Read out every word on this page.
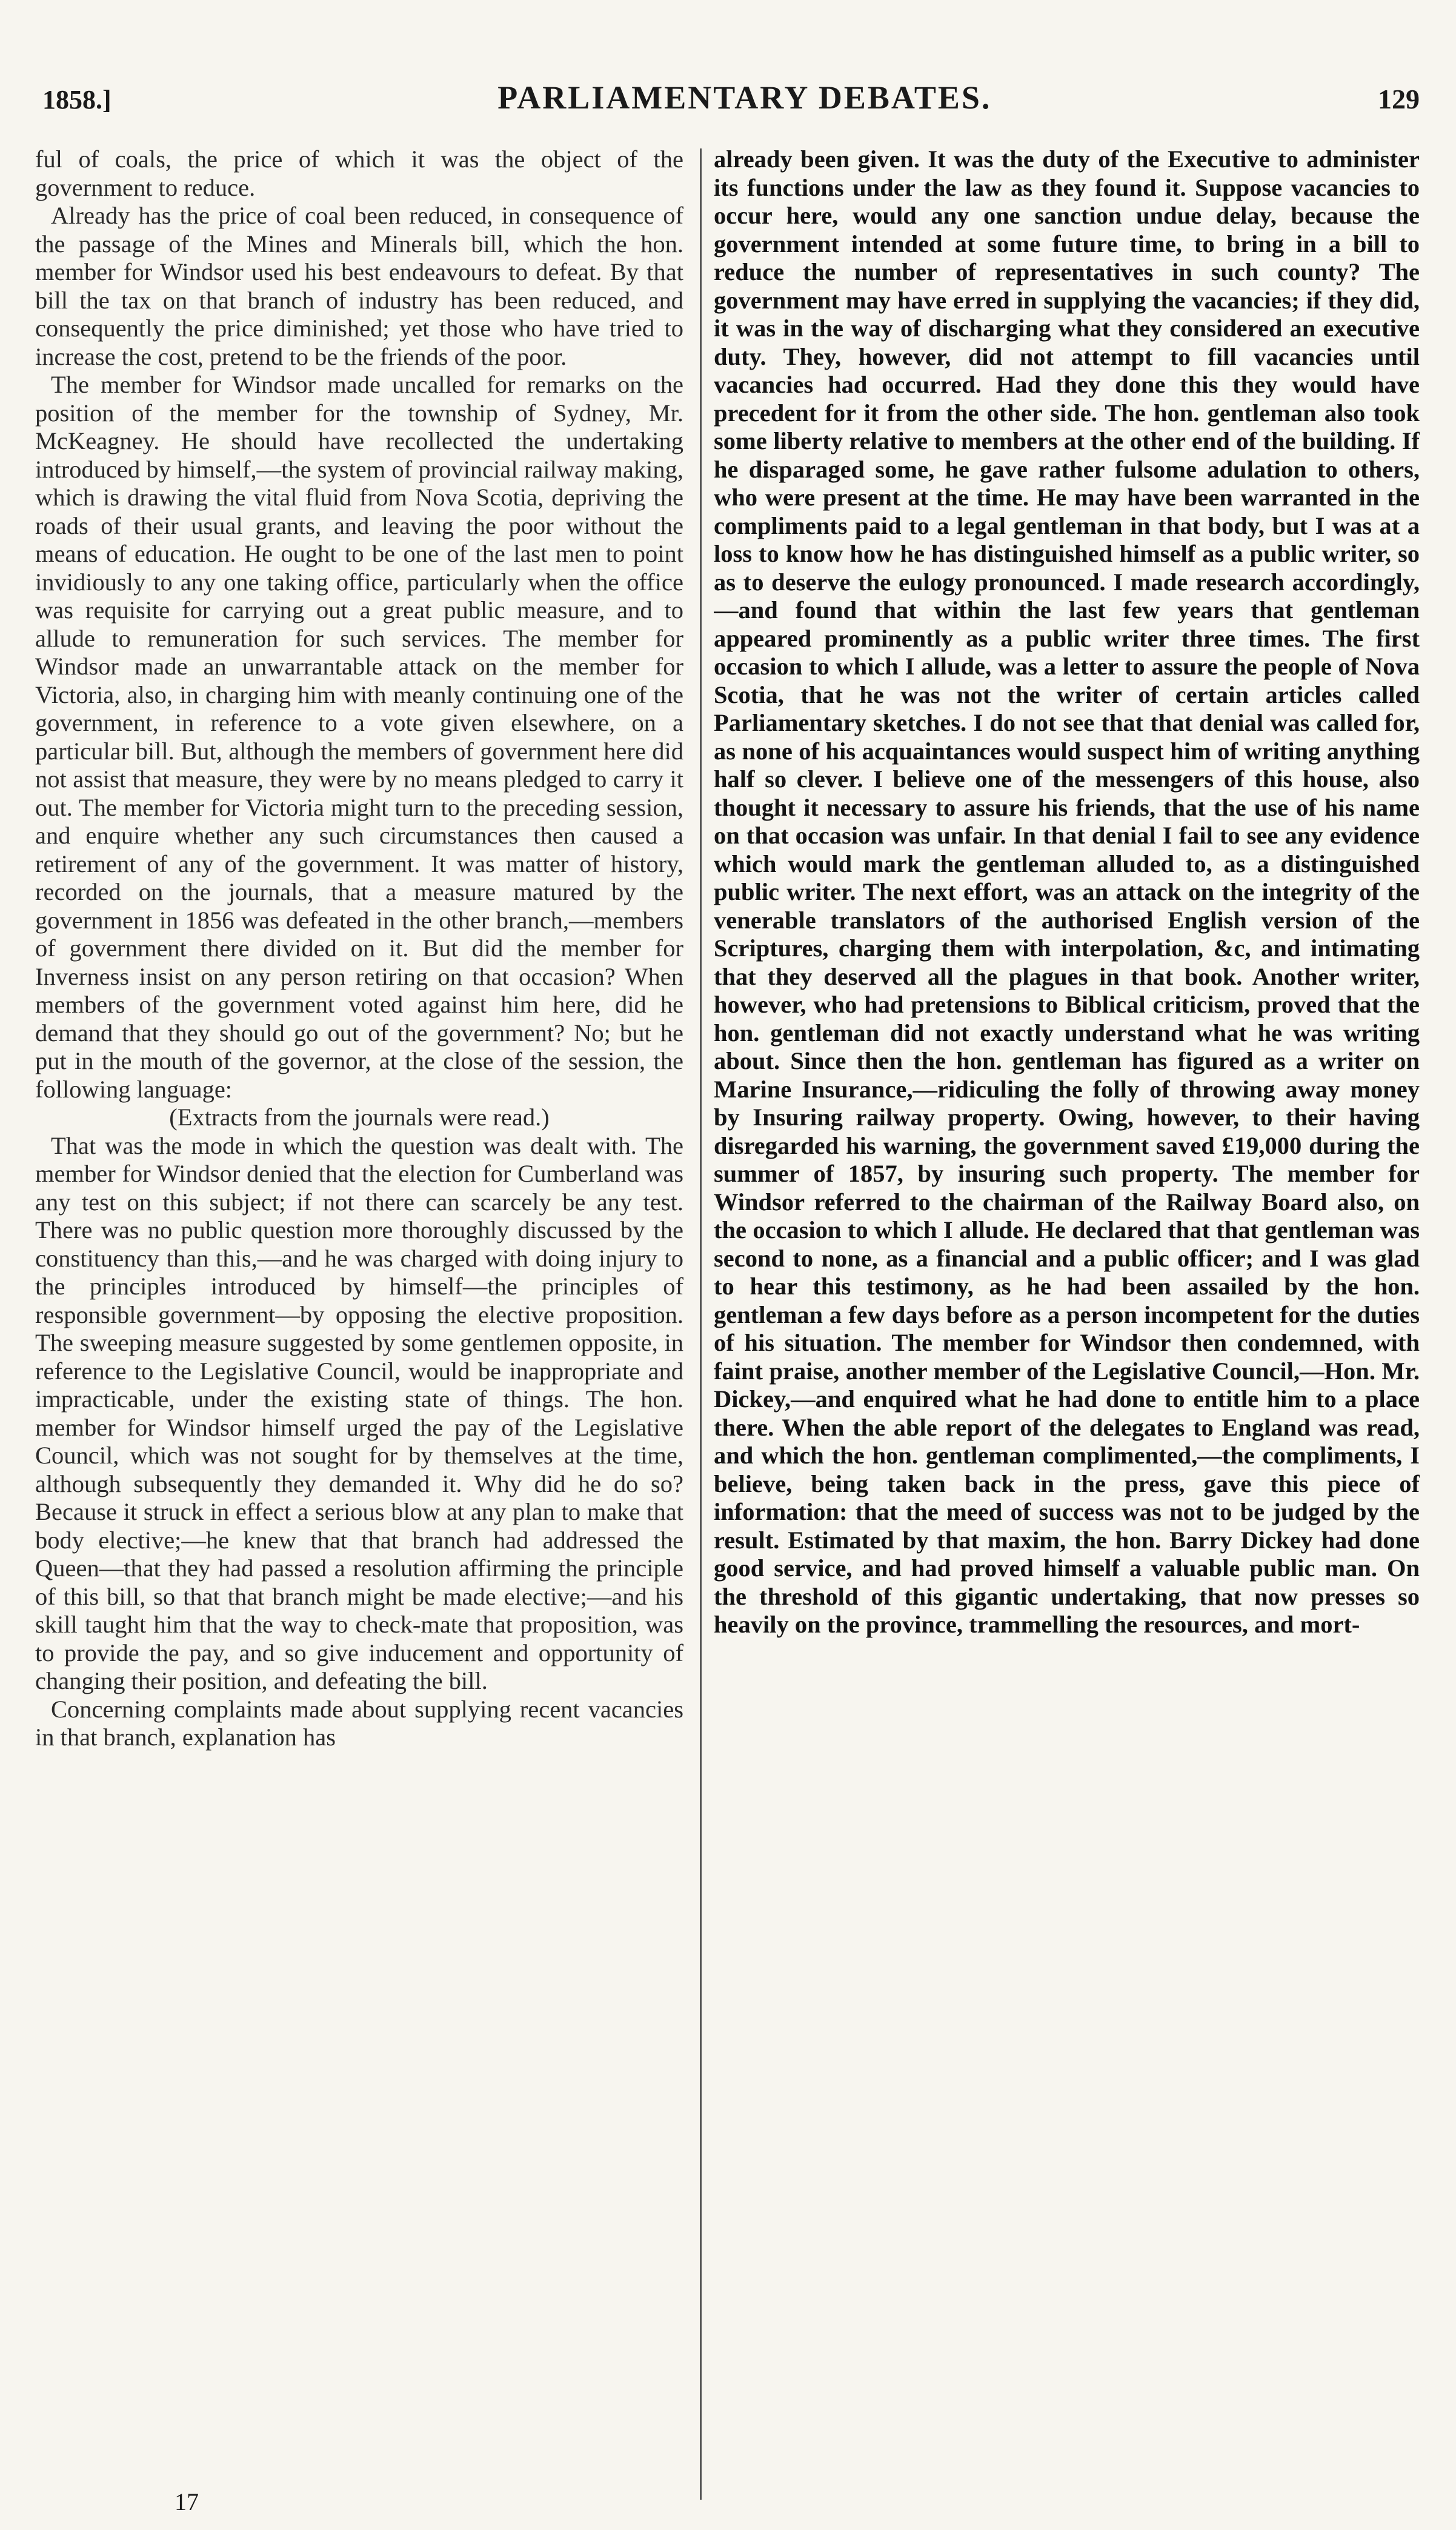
1858.]	PARLIAMENTARY DEBATES.	129

ful of coals, the price of which it was the object of the government to reduce.

Already has the price of coal been reduced, in consequence of the passage of the Mines and Minerals bill, which the hon. member for Windsor used his best endeavours to defeat. By that bill the tax on that branch of industry has been reduced, and consequently the price diminished; yet those who have tried to increase the cost, pretend to be the friends of the poor.

The member for Windsor made uncalled for remarks on the position of the member for the township of Sydney, Mr. McKeagney. He should have recollected the undertaking introduced by himself,—the system of provincial railway making, which is drawing the vital fluid from Nova Scotia, depriving the roads of their usual grants, and leaving the poor without the means of education. He ought to be one of the last men to point invidiously to any one taking office, particularly when the office was requisite for carrying out a great public measure, and to allude to remuneration for such services. The member for Windsor made an unwarrantable attack on the member for Victoria, also, in charging him with meanly continuing one of the government, in reference to a vote given elsewhere, on a particular bill. But, although the members of government here did not assist that measure, they were by no means pledged to carry it out. The member for Victoria might turn to the preceding session, and enquire whether any such circumstances then caused a retirement of any of the government. It was matter of history, recorded on the journals, that a measure matured by the government in 1856 was defeated in the other branch,—members of government there divided on it. But did the member for Inverness insist on any person retiring on that occasion? When members of the government voted against him here, did he demand that they should go out of the government? No; but he put in the mouth of the governor, at the close of the session, the following language:

(Extracts from the journals were read.)

That was the mode in which the question was dealt with. The member for Windsor denied that the election for Cumberland was any test on this subject; if not there can scarcely be any test. There was no public question more thoroughly discussed by the constituency than this,—and he was charged with doing injury to the principles introduced by himself—the principles of responsible government—by opposing the elective proposition. The sweeping measure suggested by some gentlemen opposite, in reference to the Legislative Council, would be inappropriate and impracticable, under the existing state of things. The hon. member for Windsor himself urged the pay of the Legislative Council, which was not sought for by themselves at the time, although subsequently they demanded it. Why did he do so? Because it struck in effect a serious blow at any plan to make that body elective;—he knew that that branch had addressed the Queen—that they had passed a resolution affirming the principle of this bill, so that that branch might be made elective;—and his skill taught him that the way to check-mate that proposition, was to provide the pay, and so give inducement and opportunity of changing their position, and defeating the bill.

Concerning complaints made about supplying recent vacancies in that branch, explanation has

already been given. It was the duty of the Executive to administer its functions under the law as they found it. Suppose vacancies to occur here, would any one sanction undue delay, because the government intended at some future time, to bring in a bill to reduce the number of representatives in such county? The government may have erred in supplying the vacancies; if they did, it was in the way of discharging what they considered an executive duty. They, however, did not attempt to fill vacancies until vacancies had occurred. Had they done this they would have precedent for it from the other side. The hon. gentleman also took some liberty relative to members at the other end of the building. If he disparaged some, he gave rather fulsome adulation to others, who were present at the time. He may have been warranted in the compliments paid to a legal gentleman in that body, but I was at a loss to know how he has distinguished himself as a public writer, so as to deserve the eulogy pronounced. I made research accordingly,—and found that within the last few years that gentleman appeared prominently as a public writer three times. The first occasion to which I allude, was a letter to assure the people of Nova Scotia, that he was not the writer of certain articles called Parliamentary sketches. I do not see that that denial was called for, as none of his acquaintances would suspect him of writing anything half so clever. I believe one of the messengers of this house, also thought it necessary to assure his friends, that the use of his name on that occasion was unfair. In that denial I fail to see any evidence which would mark the gentleman alluded to, as a distinguished public writer. The next effort, was an attack on the integrity of the venerable translators of the authorised English version of the Scriptures, charging them with interpolation, &c, and intimating that they deserved all the plagues in that book. Another writer, however, who had pretensions to Biblical criticism, proved that the hon. gentleman did not exactly understand what he was writing about. Since then the hon. gentleman has figured as a writer on Marine Insurance,—ridiculing the folly of throwing away money by Insuring railway property. Owing, however, to their having disregarded his warning, the government saved £19,000 during the summer of 1857, by insuring such property. The member for Windsor referred to the chairman of the Railway Board also, on the occasion to which I allude. He declared that that gentleman was second to none, as a financial and a public officer; and I was glad to hear this testimony, as he had been assailed by the hon. gentleman a few days before as a person incompetent for the duties of his situation. The member for Windsor then condemned, with faint praise, another member of the Legislative Council,—Hon. Mr. Dickey,—and enquired what he had done to entitle him to a place there. When the able report of the delegates to England was read, and which the hon. gentleman complimented,—the compliments, I believe, being taken back in the press, gave this piece of information: that the meed of success was not to be judged by the result. Estimated by that maxim, the hon. Barry Dickey had done good service, and had proved himself a valuable public man. On the threshold of this gigantic undertaking, that now presses so heavily on the province, trammelling the resources, and mort-

17
